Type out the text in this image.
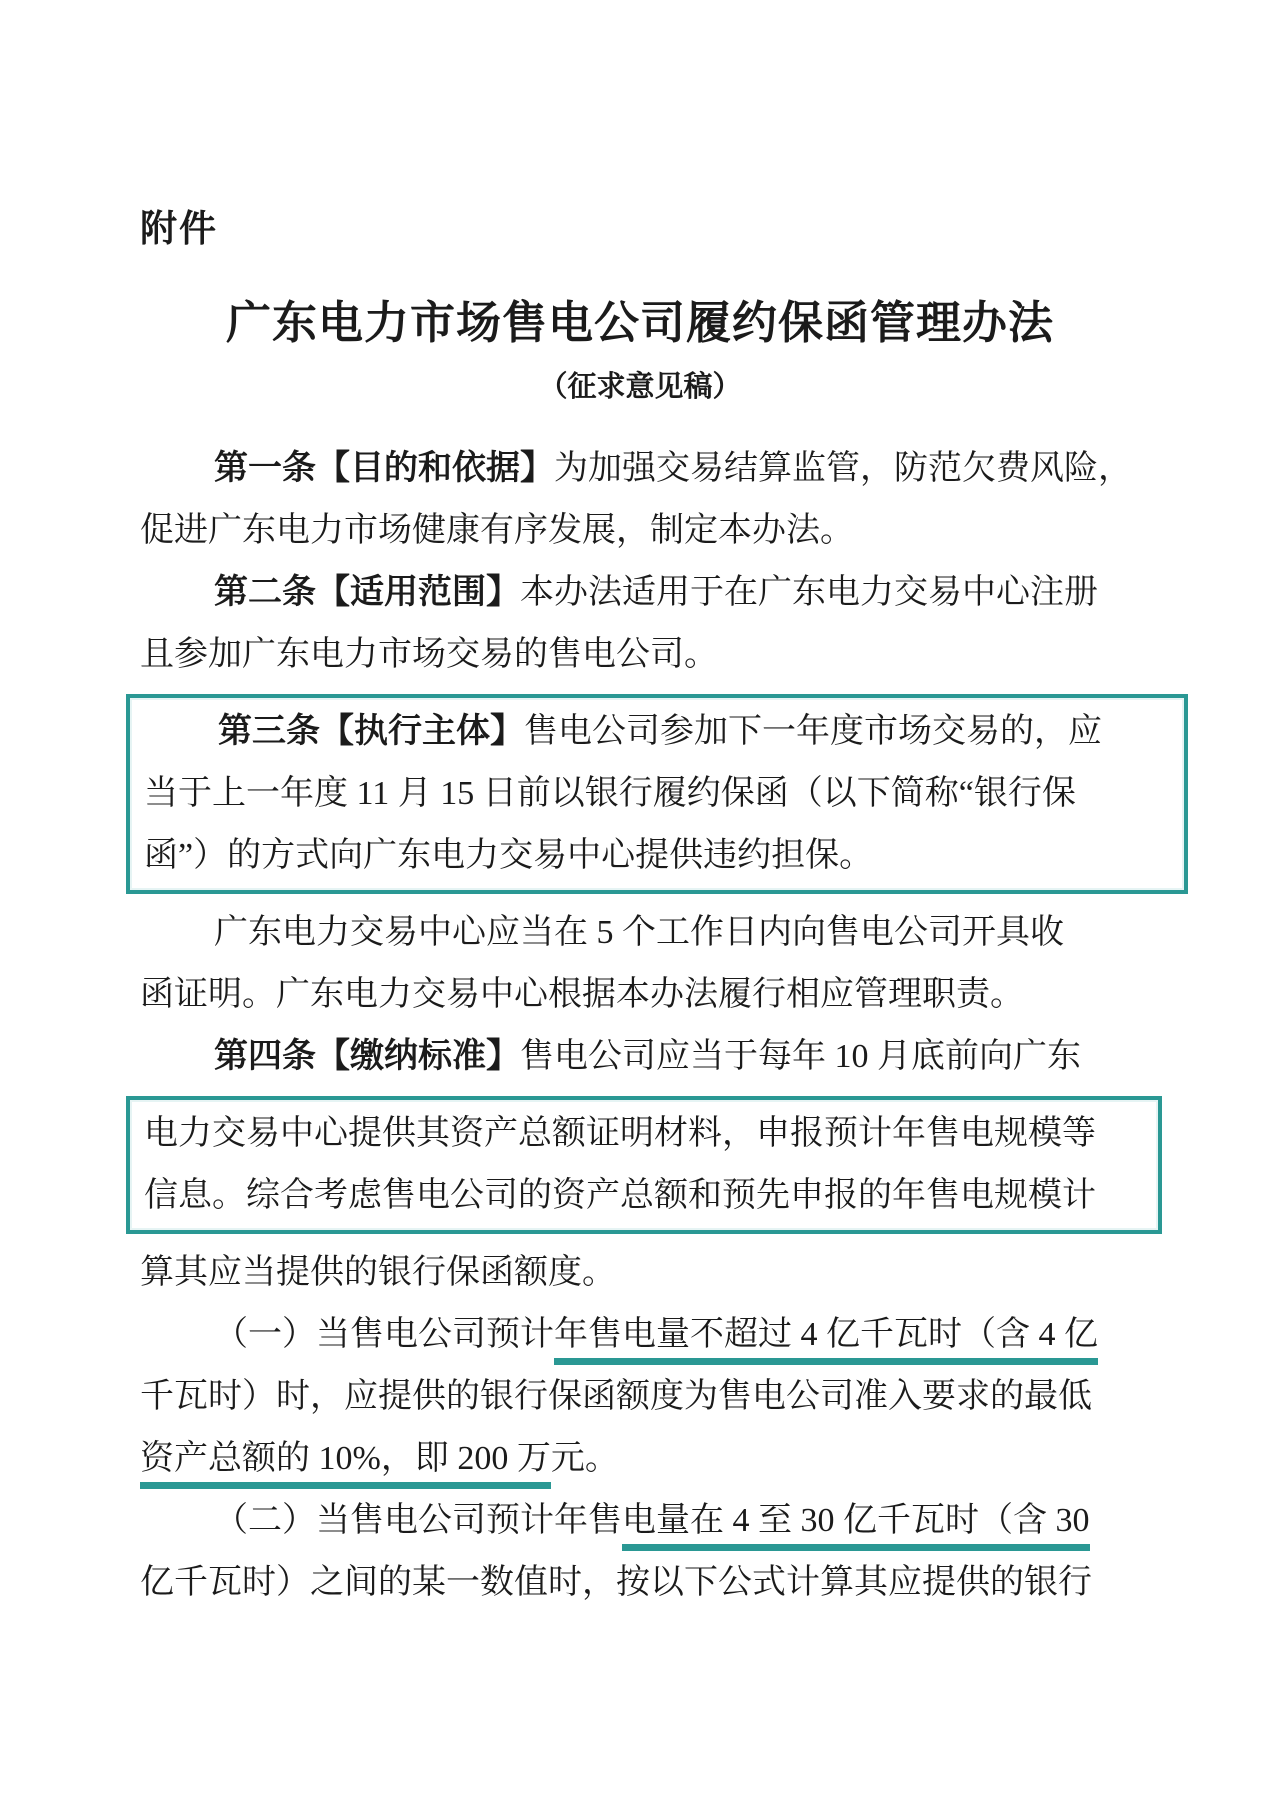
附件
广东电力市场售电公司履约保函管理办法
（征求意见稿）
第一条【目的和依据】为加强交易结算监管，防范欠费风险，
促进广东电力市场健康有序发展，制定本办法。
第二条【适用范围】本办法适用于在广东电力交易中心注册
且参加广东电力市场交易的售电公司。
第三条【执行主体】售电公司参加下一年度市场交易的，应
当于上一年度 11 月 15 日前以银行履约保函（以下简称“银行保
函”）的方式向广东电力交易中心提供违约担保。
广东电力交易中心应当在 5 个工作日内向售电公司开具收
函证明。广东电力交易中心根据本办法履行相应管理职责。
第四条【缴纳标准】售电公司应当于每年 10 月底前向广东
电力交易中心提供其资产总额证明材料，申报预计年售电规模等
信息。综合考虑售电公司的资产总额和预先申报的年售电规模计
算其应当提供的银行保函额度。
（一）当售电公司预计年售电量不超过 4 亿千瓦时（含 4 亿
千瓦时）时，应提供的银行保函额度为售电公司准入要求的最低
资产总额的 10%，即 200 万元。
（二）当售电公司预计年售电量在 4 至 30 亿千瓦时（含 30
亿千瓦时）之间的某一数值时，按以下公式计算其应提供的银行
